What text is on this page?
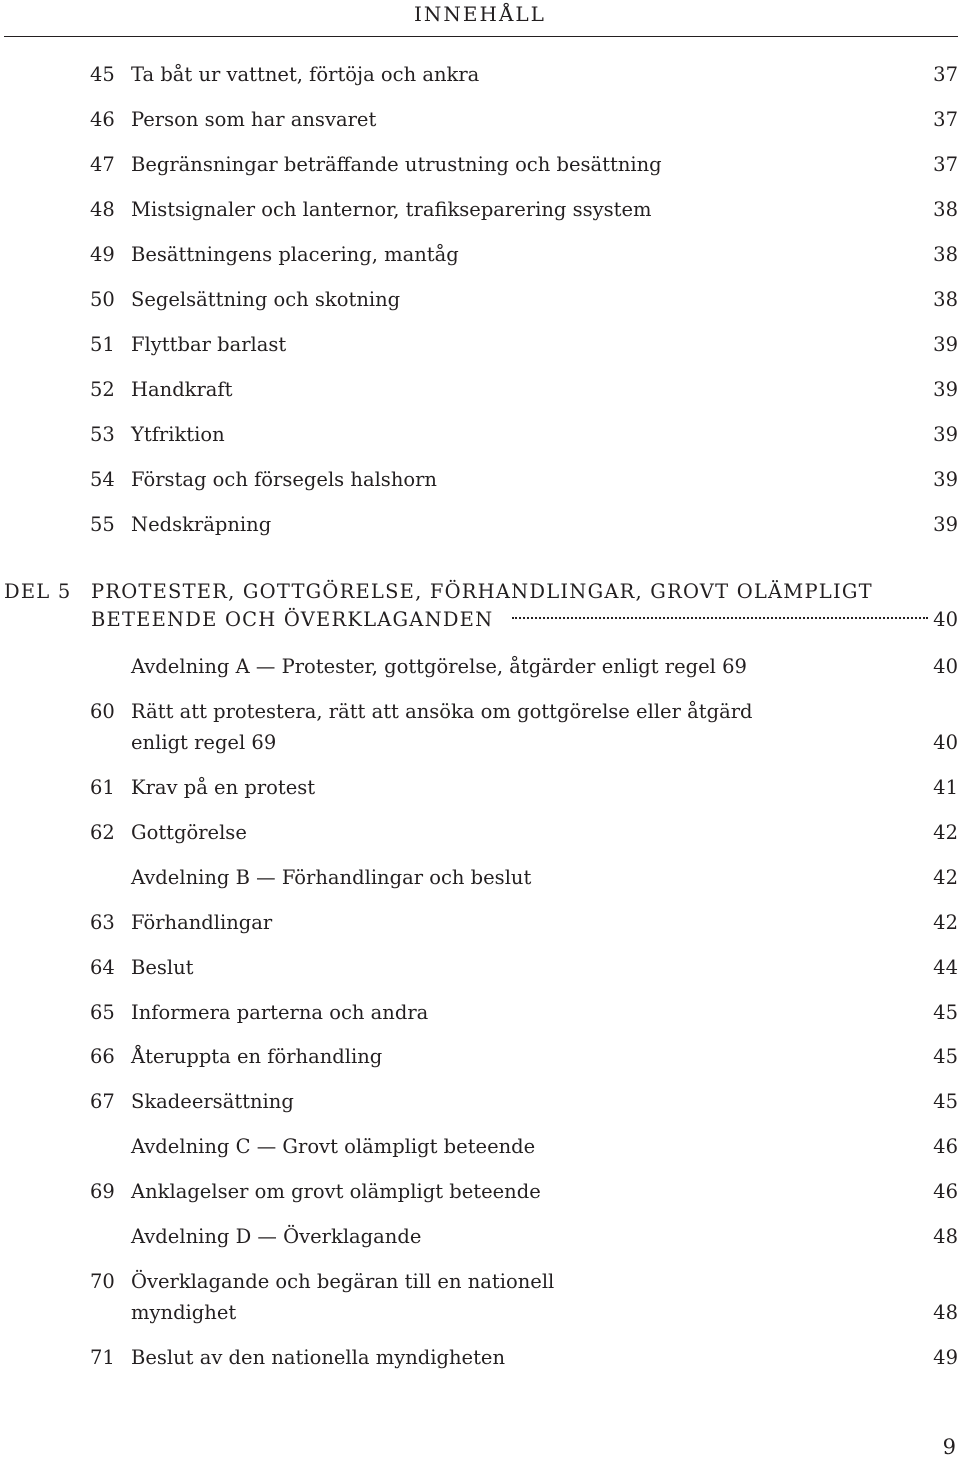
INNEHÅLL
45 Ta båt ur vattnet, förtöja och ankra	37
46 Person som har ansvaret	37
47 Begränsningar beträffande utrustning och besättning	37
48 Mistsignaler och lanternor, trafikseparering ssystem	38
49 Besättningens placering, mantåg	38
50 Segelsättning och skotning	38
51 Flyttbar barlast	39
52 Handkraft	39
53 Ytfriktion	39
54 Förstag och försegels halshorn	39
55 Nedskräpning	39
DEL 5 PROTESTER, GOTTGÖRELSE, FÖRHANDLINGAR, GROVT OLÄMPLIGT
BETEENDE OCH ÖVERKLAGANDEN	40
Avdelning A — Protester, gottgörelse, åtgärder enligt regel 69	40
60 Rätt att protestera, rätt att ansöka om gottgörelse eller åtgärd
enligt regel 69	40
61 Krav på en protest	41
62 Gottgörelse	42
Avdelning B — Förhandlingar och beslut	42
63 Förhandlingar	42
64 Beslut	44
65 Informera parterna och andra	45
66 Återuppta en förhandling	45
67 Skadeersättning	45
Avdelning C — Grovt olämpligt beteende	46
69 Anklagelser om grovt olämpligt beteende	46
Avdelning D — Överklagande	48
70 Överklagande och begäran till en nationell
myndighet	48
71 Beslut av den nationella myndigheten	49
9
